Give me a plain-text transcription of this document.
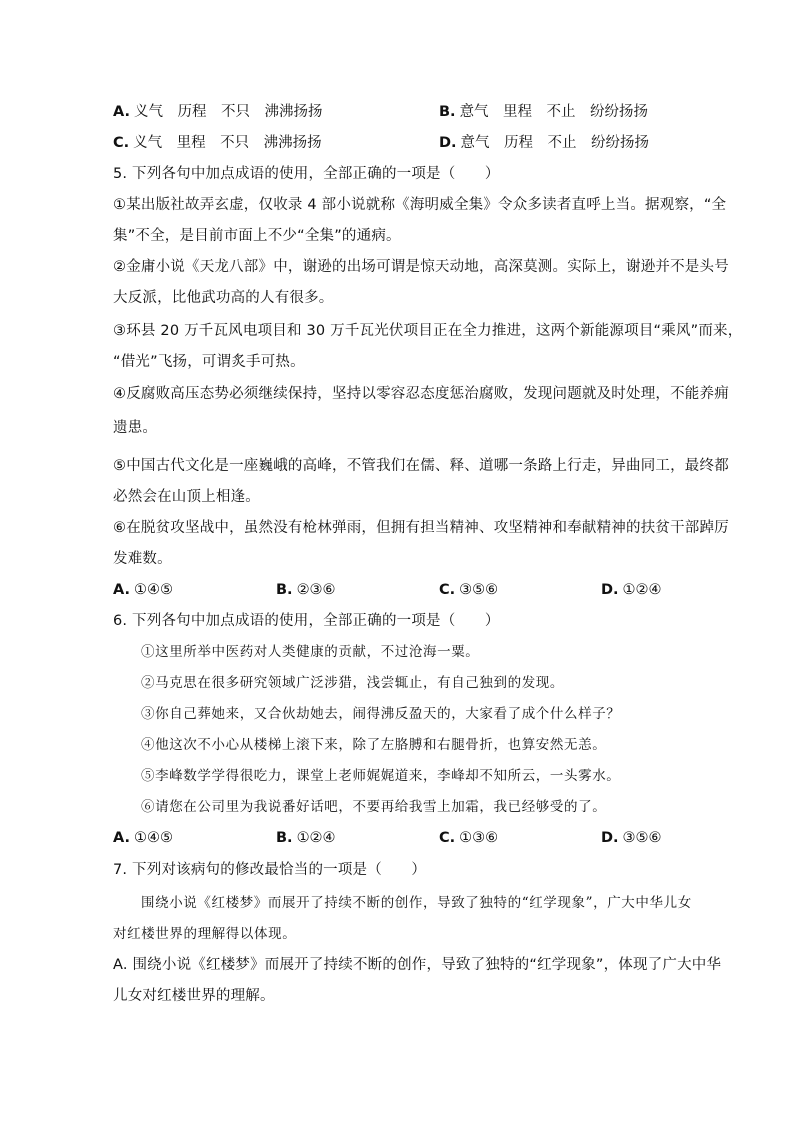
A. 义气　历程　不只　沸沸扬扬	B. 意气　里程　不止　纷纷扬扬
C. 义气　里程　不只　沸沸扬扬	D. 意气　历程　不止　纷纷扬扬
5. 下列各句中加点成语的使用，全部正确的一项是（　　）
①某出版社故弄玄虚，仅收录 4 部小说就称《海明威全集》令众多读者直呼上当。据观察，“全
集”不全，是目前市面上不少“全集”的通病。
②金庸小说《天龙八部》中，谢逊的出场可谓是惊天动地，高深莫测。实际上，谢逊并不是头号
大反派，比他武功高的人有很多。
③环县 20 万千瓦风电项目和 30 万千瓦光伏项目正在全力推进，这两个新能源项目“乘风”而来，
“借光”飞扬，可谓炙手可热。
④反腐败高压态势必须继续保持，坚持以零容忍态度惩治腐败，发现问题就及时处理，不能养痈
遗患。
⑤中国古代文化是一座巍峨的高峰，不管我们在儒、释、道哪一条路上行走，异曲同工，最终都
必然会在山顶上相逢。
⑥在脱贫攻坚战中，虽然没有枪林弹雨，但拥有担当精神、攻坚精神和奉献精神的扶贫干部踔厉
发难数。
A. ①④⑤	B. ②③⑥	C. ③⑤⑥	D. ①②④
6. 下列各句中加点成语的使用，全部正确的一项是（　　）
①这里所举中医药对人类健康的贡献，不过沧海一粟。
②马克思在很多研究领域广泛涉猎，浅尝辄止，有自己独到的发现。
③你自己葬她来，又合伙劫她去，闹得沸反盈天的，大家看了成个什么样子？
④他这次不小心从楼梯上滚下来，除了左胳膊和右腿骨折，也算安然无恙。
⑤李峰数学学得很吃力，课堂上老师娓娓道来，李峰却不知所云，一头雾水。
⑥请您在公司里为我说番好话吧，不要再给我雪上加霜，我已经够受的了。
A. ①④⑤	B. ①②④	C. ①③⑥	D. ③⑤⑥
7. 下列对该病句的修改最恰当的一项是（　　）
围绕小说《红楼梦》而展开了持续不断的创作，导致了独特的“红学现象”，广大中华儿女
对红楼世界的理解得以体现。
A. 围绕小说《红楼梦》而展开了持续不断的创作，导致了独特的“红学现象”，体现了广大中华
儿女对红楼世界的理解。
